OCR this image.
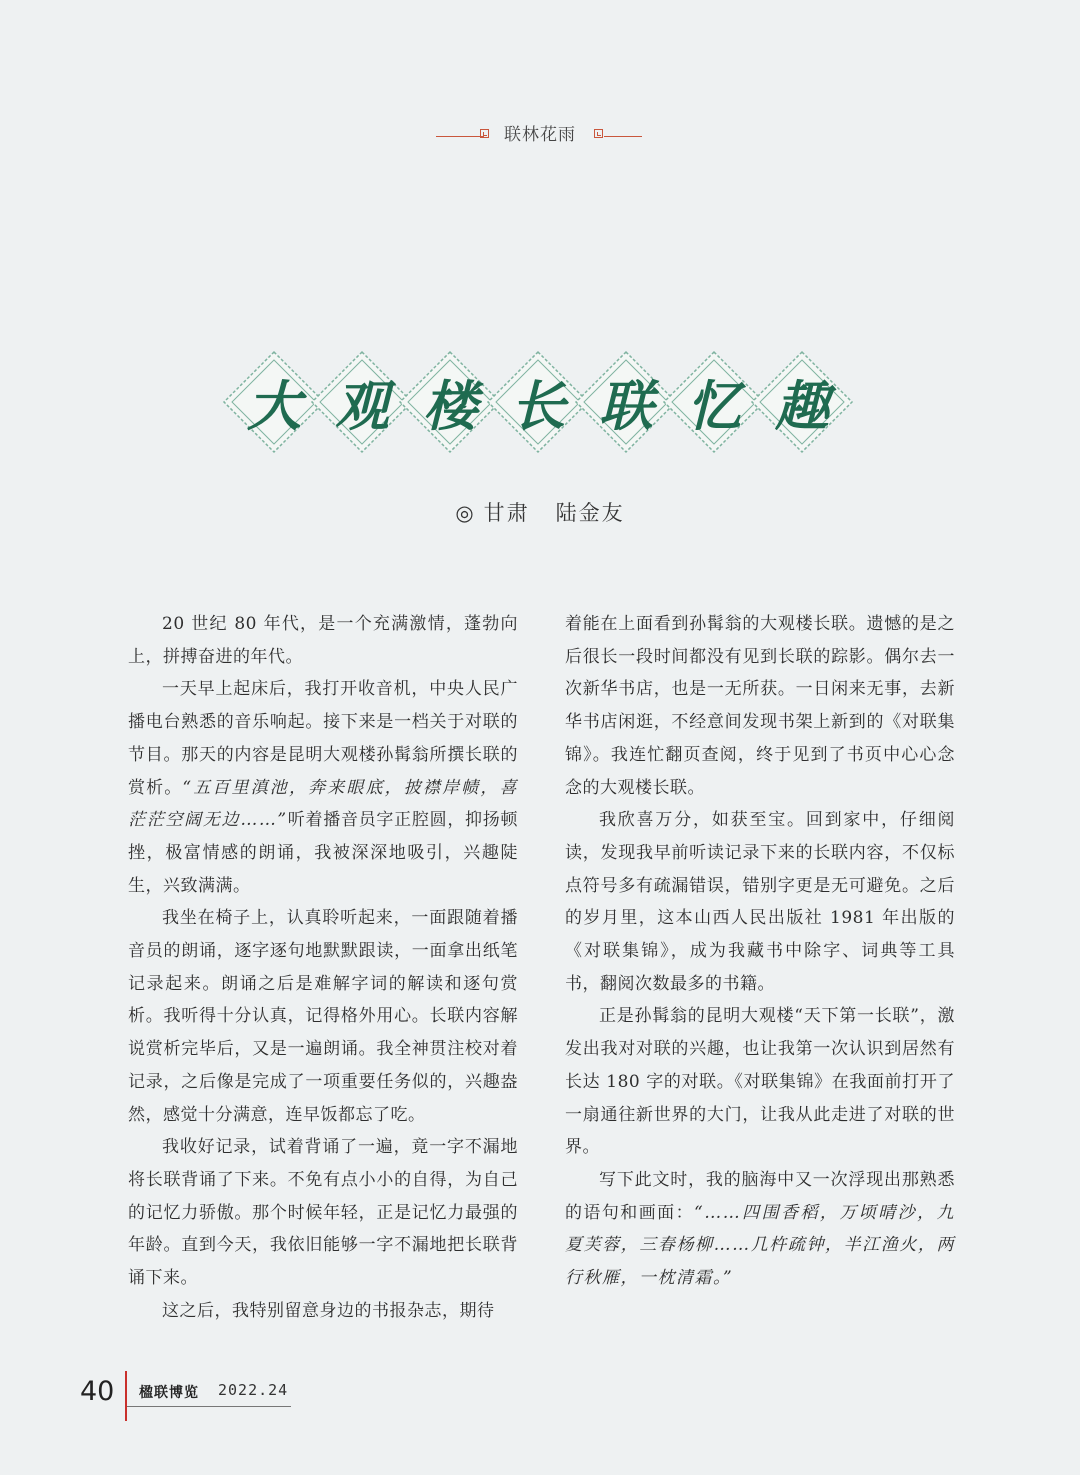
联林花雨
大 观 楼 长 联 忆 趣
◎ 甘肃 陆金友

20 世纪 80 年代，是一个充满激情，蓬勃向上，拼搏奋进的年代。

一天早上起床后，我打开收音机，中央人民广播电台熟悉的音乐响起。接下来是一档关于对联的节目。那天的内容是昆明大观楼孙髯翁所撰长联的赏析。“五百里滇池，奔来眼底，披襟岸帻，喜茫茫空阔无边……”听着播音员字正腔圆，抑扬顿挫，极富情感的朗诵，我被深深地吸引，兴趣陡生，兴致满满。

我坐在椅子上，认真聆听起来，一面跟随着播音员的朗诵，逐字逐句地默默跟读，一面拿出纸笔记录起来。朗诵之后是难解字词的解读和逐句赏析。我听得十分认真，记得格外用心。长联内容解说赏析完毕后，又是一遍朗诵。我全神贯注校对着记录，之后像是完成了一项重要任务似的，兴趣盎然，感觉十分满意，连早饭都忘了吃。

我收好记录，试着背诵了一遍，竟一字不漏地将长联背诵了下来。不免有点小小的自得，为自己的记忆力骄傲。那个时候年轻，正是记忆力最强的年龄。直到今天，我依旧能够一字不漏地把长联背诵下来。

这之后，我特别留意身边的书报杂志，期待

着能在上面看到孙髯翁的大观楼长联。遗憾的是之后很长一段时间都没有见到长联的踪影。偶尔去一次新华书店，也是一无所获。一日闲来无事，去新华书店闲逛，不经意间发现书架上新到的《对联集锦》。我连忙翻页查阅，终于见到了书页中心心念念的大观楼长联。

我欣喜万分，如获至宝。回到家中，仔细阅读，发现我早前听读记录下来的长联内容，不仅标点符号多有疏漏错误，错别字更是无可避免。之后的岁月里，这本山西人民出版社 1981 年出版的《对联集锦》，成为我藏书中除字、词典等工具书，翻阅次数最多的书籍。

正是孙髯翁的昆明大观楼“天下第一长联”，激发出我对对联的兴趣，也让我第一次认识到居然有长达 180 字的对联。《对联集锦》在我面前打开了一扇通往新世界的大门，让我从此走进了对联的世界。

写下此文时，我的脑海中又一次浮现出那熟悉的语句和画面：“……四围香稻，万顷晴沙，九夏芙蓉，三春杨柳……几杵疏钟，半江渔火，两行秋雁，一枕清霜。”

40 楹联博览 2022.24
